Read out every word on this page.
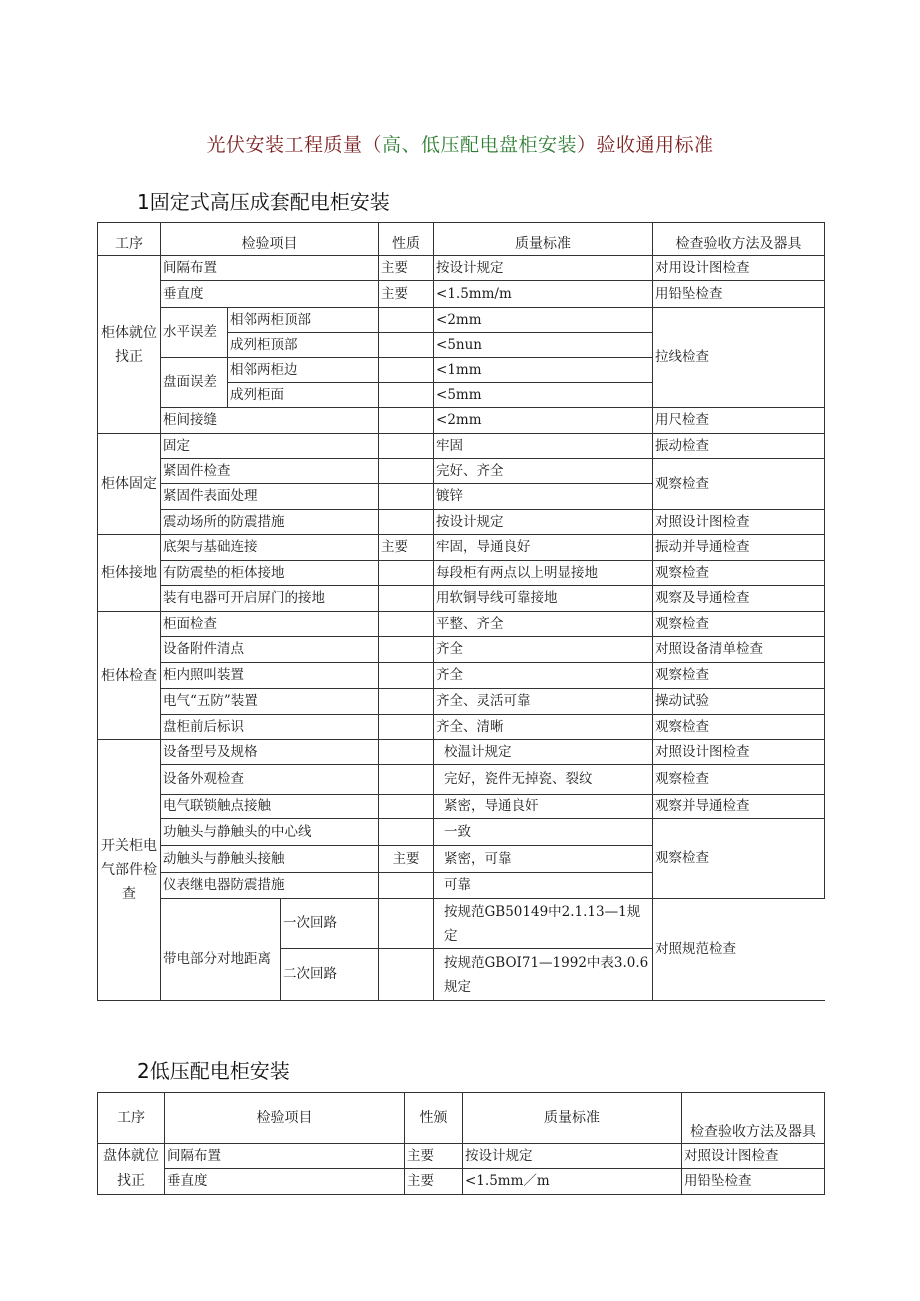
光伏安装工程质量（高、低压配电盘柜安装）验收通用标准
1固定式高压成套配电柜安装
工序	检验项目			性质	质量标准	检查验收方法及器具
柜体就位找正	间隔布置			主要	按设计规定	对用设计图检查
	垂直度			主要	<1.5mm/m	用铅坠检查
	水平误差	相邻两柜顶部			<2mm	拉线检查
		成列柜顶部			<5nun	
	盘面误差	相邻两柜边			<1mm	
		成列柜面			<5mm	
	柜间接缝				<2mm	用尺检查
柜体固定	固定				牢固	振动检查
	紧固件检查				完好、齐全	观察检查
	紧固件表面处理				镀锌	
	震动场所的防震措施				按设计规定	对照设计图检查
柜体接地	底架与基础连接			主要	牢固，导通良好	振动并导通检查
	有防震垫的柜体接地				每段柜有两点以上明显接地	观察检查
	装有电器可开启屏门的接地				用软铜导线可靠接地	观察及导通检查
柜体检查	柜面检查				平整、齐全	观察检查
	设备附件清点				齐全	对照设备清单检查
	柜内照叫装置				齐全	观察检查
	电气“五防”装置				齐全、灵活可靠	操动试验
	盘柜前后标识				齐全、清晰	观察检查
开关柜电气部件检查	设备型号及规格				校温计规定	对照设计图检查
	设备外观检查				完好，瓷件无掉瓷、裂纹	观察检查
	电气联锁触点接触				紧密，导通良奸	观察并导通检查
	功触头与静触头的中心线				一致	观察检查
	动触头与静触头接触			主要	紧密，可靠	
	仪表继电器防震措施				可靠	
	带电部分对地距离		一次回路		按规范GB50149中2.1.13—1规定	对照规范检查
			二次回路		按规范GBOI71—1992中表3.0.6规定	
2低压配电柜安装
工序	检验项目	性颁	质量标准	检查验收方法及器具
盘体就位找正	间隔布置	主要	按设计规定	对照设计图检查
	垂直度	主要	<1.5mm／m	用铅坠检查
